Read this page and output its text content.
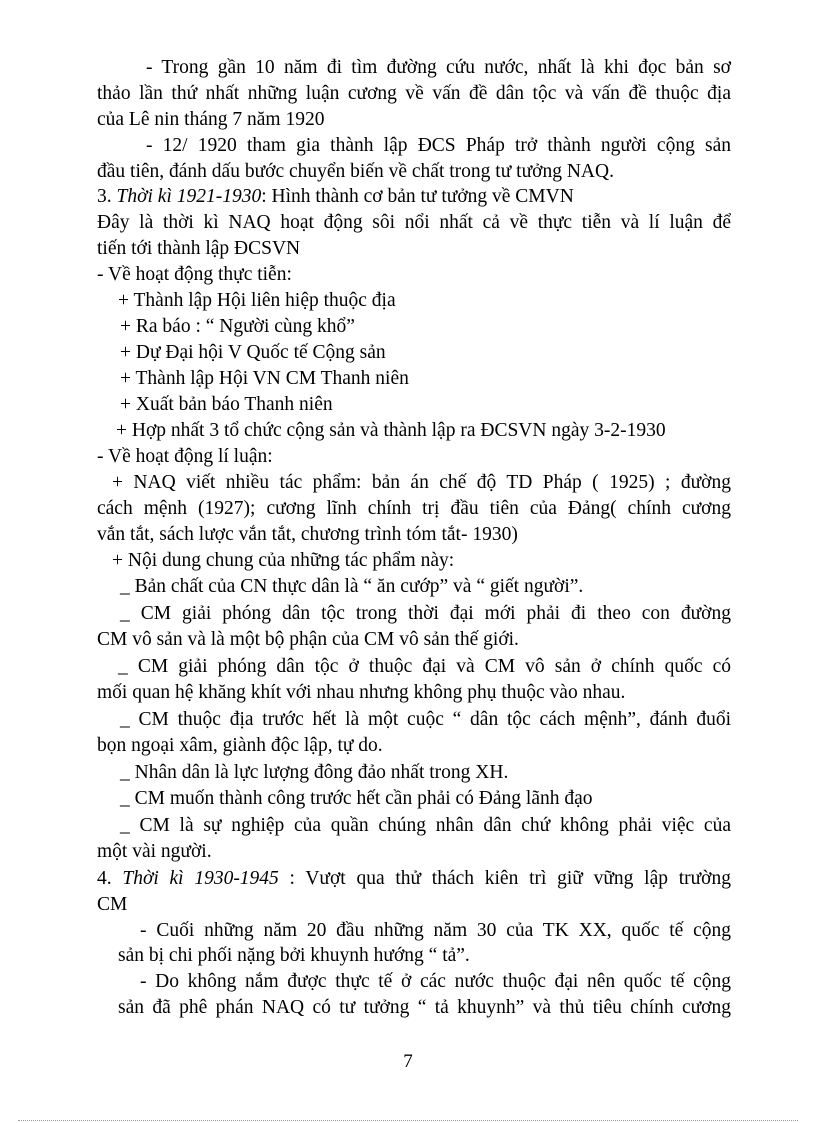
- Trong gần 10 năm đi tìm đường cứu nước, nhất là khi đọc bản sơ
thảo lần thứ nhất những luận cương về vấn đề dân tộc và vấn đề thuộc địa
của Lê nin tháng 7 năm 1920
- 12/ 1920 tham gia thành lập ĐCS Pháp trở thành người cộng sản
đầu tiên, đánh dấu bước chuyển biến về chất trong tư tưởng NAQ.
3. Thời kì 1921-1930: Hình thành cơ bản tư tưởng về CMVN
Đây là thời kì NAQ hoạt động sôi nổi nhất cả về thực tiễn và lí luận để
tiến tới thành lập ĐCSVN
- Về hoạt động thực tiễn:
+ Thành lập Hội liên hiệp thuộc địa
+ Ra báo : “ Người cùng khổ”
+ Dự Đại hội V Quốc tế Cộng sản
+ Thành lập Hội VN CM Thanh niên
+ Xuất bản báo Thanh niên
+ Hợp nhất 3 tổ chức cộng sản và thành lập ra ĐCSVN ngày 3-2-1930
- Về hoạt động lí luận:
+ NAQ viết nhiều tác phẩm: bản án chế độ TD Pháp ( 1925) ; đường
cách mệnh (1927); cương lĩnh chính trị đầu tiên của Đảng( chính cương
vắn tắt, sách lược vắn tắt, chương trình tóm tắt- 1930)
+ Nội dung chung của những tác phẩm này:
_ Bản chất của CN thực dân là “ ăn cướp” và “ giết người”.
_ CM giải phóng dân tộc trong thời đại mới phải đi theo con đường
CM vô sản và là một bộ phận của CM vô sản thế giới.
_ CM giải phóng dân tộc ở thuộc đại và CM vô sản ở chính quốc có
mối quan hệ khăng khít với nhau nhưng không phụ thuộc vào nhau.
_ CM thuộc địa trước hết là một cuộc “ dân tộc cách mệnh”, đánh đuổi
bọn ngoại xâm, giành độc lập, tự do.
_ Nhân dân là lực lượng đông đảo nhất trong XH.
_ CM muốn thành công trước hết cần phải có Đảng lãnh đạo
_ CM là sự nghiệp của quần chúng nhân dân chứ không phải việc của
một vài người.
4. Thời kì 1930-1945 : Vượt qua thử thách kiên trì giữ vững lập trường
CM
- Cuối những năm 20 đầu những năm 30 của TK XX, quốc tế cộng
sản bị chi phối nặng bởi khuynh hướng “ tả”.
- Do không nắm được thực tế ở các nước thuộc đại nên quốc tế cộng
sản đã phê phán NAQ có tư tưởng “ tả khuynh” và thủ tiêu chính cương
7
